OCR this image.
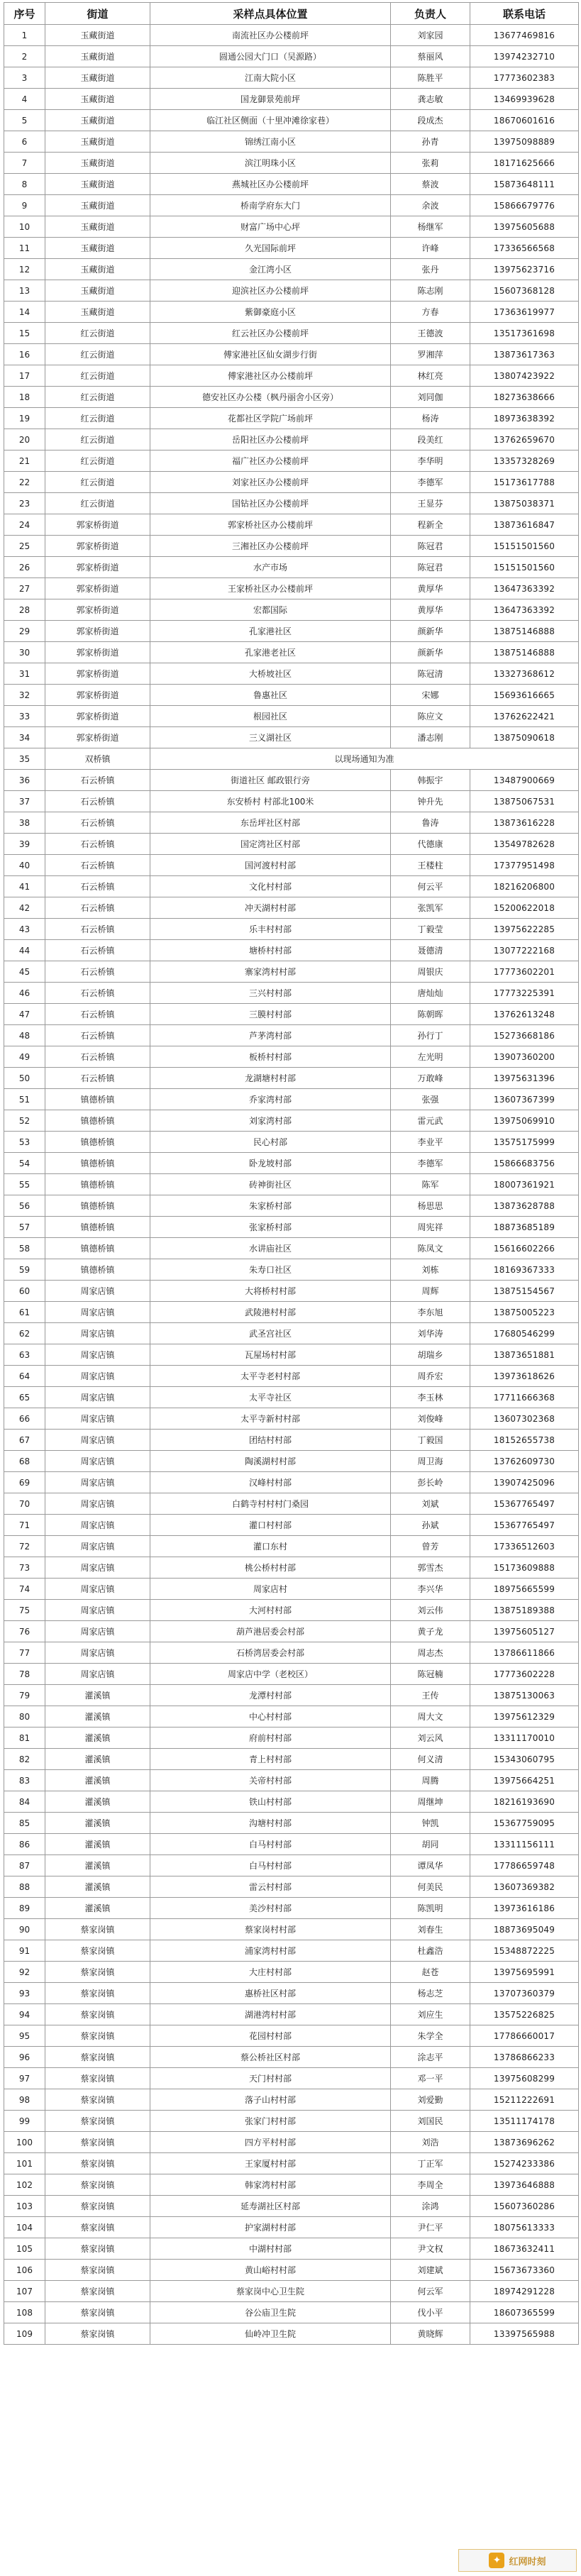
序号	街道	采样点具体位置	负责人	联系电话
1	玉藏街道	南流社区办公楼前坪	刘家园	13677469816
2	玉藏街道	圆通公园大门口（吴源路）	蔡丽风	13974232710
3	玉藏街道	江南大院小区	陈胜平	17773602383
4	玉藏街道	国龙御景苑前坪	龚志敏	13469939628
5	玉藏街道	临江社区侧面（十里冲滩徐家巷）	段成杰	18670601616
6	玉藏街道	锦绣江南小区	孙青	13975098889
7	玉藏街道	滨江明珠小区	张莉	18171625666
8	玉藏街道	燕城社区办公楼前坪	蔡波	15873648111
9	玉藏街道	桥南学府东大门	余波	15866679776
10	玉藏街道	财富广场中心坪	杨继军	13975605688
11	玉藏街道	久光国际前坪	许峰	17336566568
12	玉藏街道	金江湾小区	张丹	13975623716
13	玉藏街道	迎滨社区办公楼前坪	陈志刚	15607368128
14	玉藏街道	紫御豪庭小区	方春	17363619977
15	红云街道	红云社区办公楼前坪	王德波	13517361698
16	红云街道	傅家港社区仙女湖步行街	罗湘萍	13873617363
17	红云街道	傅家港社区办公楼前坪	林红亮	13807423922
18	红云街道	德安社区办公楼（枫丹丽舍小区旁）	刘同伽	18273638666
19	红云街道	花都社区学院广场前坪	杨涛	18973638392
20	红云街道	岳阳社区办公楼前坪	段美红	13762659670
21	红云街道	福广社区办公楼前坪	李华明	13357328269
22	红云街道	刘家社区办公楼前坪	李德军	15173617788
23	红云街道	国钻社区办公楼前坪	王显芬	13875038371
24	郭家桥街道	郭家桥社区办公楼前坪	程新全	13873616847
25	郭家桥街道	三湘社区办公楼前坪	陈冠君	15151501560
26	郭家桥街道	水产市场	陈冠君	15151501560
27	郭家桥街道	王家桥社区办公楼前坪	黄厚华	13647363392
28	郭家桥街道	宏都国际	黄厚华	13647363392
29	郭家桥街道	孔家港社区	颜新华	13875146888
30	郭家桥街道	孔家港老社区	颜新华	13875146888
31	郭家桥街道	大桥坡社区	陈冠清	13327368612
32	郭家桥街道	鲁惠社区	宋娜	15693616665
33	郭家桥街道	根园社区	陈应文	13762622421
34	郭家桥街道	三义湖社区	潘志刚	13875090618
35	双桥镇	以现场通知为准		
36	石云桥镇	街道社区 邮政银行旁	韩振宇	13487900669
37	石云桥镇	东安桥村 村部北100米	钟升先	13875067531
38	石云桥镇	东岳坪社区村部	鲁涛	13873616228
39	石云桥镇	国定湾社区村部	代德康	13549782628
40	石云桥镇	国河渡村村部	王楼柱	17377951498
41	石云桥镇	文化村村部	何云平	18216206800
42	石云桥镇	冲天湖村村部	张凯军	15200622018
43	石云桥镇	乐丰村村部	丁毅莹	13975622285
44	石云桥镇	塘桥村村部	聂德清	13077222168
45	石云桥镇	寨家湾村村部	周银庆	17773602201
46	石云桥镇	三兴村村部	唐灿灿	17773225391
47	石云桥镇	三膜村村部	陈朝晖	13762613248
48	石云桥镇	芦茅湾村部	孙行丁	15273668186
49	石云桥镇	板桥村村部	左光明	13907360200
50	石云桥镇	龙湖塘村村部	万敢峰	13975631396
51	镇德桥镇	乔家湾村部	张强	13607367399
52	镇德桥镇	刘家湾村部	雷元武	13975069910
53	镇德桥镇	民心村部	李业平	13575175999
54	镇德桥镇	卧龙坡村部	李德军	15866683756
55	镇德桥镇	砖神街社区	陈军	18007361921
56	镇德桥镇	朱家桥村部	杨思思	13873628788
57	镇德桥镇	张家桥村部	周宪祥	18873685189
58	镇德桥镇	水讲庙社区	陈凤文	15616602266
59	镇德桥镇	朱寿口社区	刘栋	18169367333
60	周家店镇	大将桥村村部	周辉	13875154567
61	周家店镇	武陵港村村部	李东旭	13875005223
62	周家店镇	武圣宫社区	刘华涛	17680546299
63	周家店镇	瓦屋场村村部	胡瑞乡	13873651881
64	周家店镇	太平寺老村村部	周乔宏	13973618626
65	周家店镇	太平寺社区	李玉林	17711666368
66	周家店镇	太平寺新村村部	刘俊峰	13607302368
67	周家店镇	团结村村部	丁毅国	18152655738
68	周家店镇	陶溪湖村村部	周卫海	13762609730
69	周家店镇	汉峰村村部	彭长岭	13907425096
70	周家店镇	白鹤寺村村村门桑园	刘斌	15367765497
71	周家店镇	灌口村村部	孙斌	15367765497
72	周家店镇	灌口东村	曾芳	17336512603
73	周家店镇	桃公桥村村部	郭雪杰	15173609888
74	周家店镇	周家店村	李兴华	18975665599
75	周家店镇	大河村村部	刘云伟	13875189388
76	周家店镇	葫芦港居委会村部	黄子龙	13975605127
77	周家店镇	石桥湾居委会村部	周志杰	13786611866
78	周家店镇	周家店中学（老校区）	陈冠楠	17773602228
79	灌溪镇	龙潭村村部	王传	13875130063
80	灌溪镇	中心村村部	周大文	13975612329
81	灌溪镇	府前村村部	刘云风	13311170010
82	灌溪镇	青上村村部	何义清	15343060795
83	灌溪镇	关帝村村部	周腾	13975664251
84	灌溪镇	铁山村村部	周继坤	18216193690
85	灌溪镇	沟塘村村部	钟凯	15367759095
86	灌溪镇	白马村村部	胡同	13311156111
87	灌溪镇	白马村村部	谭凤华	17786659748
88	灌溪镇	雷云村村部	何美民	13607369382
89	灌溪镇	美沙村村部	陈凯明	13973616186
90	蔡家岗镇	蔡家岗村村部	刘春生	18873695049
91	蔡家岗镇	浦家湾村村部	杜鑫浩	15348872225
92	蔡家岗镇	大庄村村部	赵苍	13975695991
93	蔡家岗镇	惠桥社区村部	杨志芝	13707360379
94	蔡家岗镇	湖港湾村村部	刘应生	13575226825
95	蔡家岗镇	花园村村部	朱学全	17786660017
96	蔡家岗镇	蔡公桥社区村部	涂志平	13786866233
97	蔡家岗镇	天门村村部	邓一平	13975608299
98	蔡家岗镇	落子山村村部	刘爱勤	15211222691
99	蔡家岗镇	张家门村村部	刘国民	13511174178
100	蔡家岗镇	四方平村村部	刘浩	13873696262
101	蔡家岗镇	王家厦村村部	丁正军	15274233386
102	蔡家岗镇	韩家湾村村部	李周全	13973646888
103	蔡家岗镇	延寿湖社区村部	涂鸿	15607360286
104	蔡家岗镇	护家湖村村部	尹仁平	18075613333
105	蔡家岗镇	中湖村村部	尹文权	18673632411
106	蔡家岗镇	黄山峪村村部	刘建斌	15673673360
107	蔡家岗镇	蔡家岗中心卫生院	何云军	18974291228
108	蔡家岗镇	谷公庙卫生院	伐小平	18607365599
109	蔡家岗镇	仙岭冲卫生院	黄晓辉	13397565988
✦ 红网时刻
